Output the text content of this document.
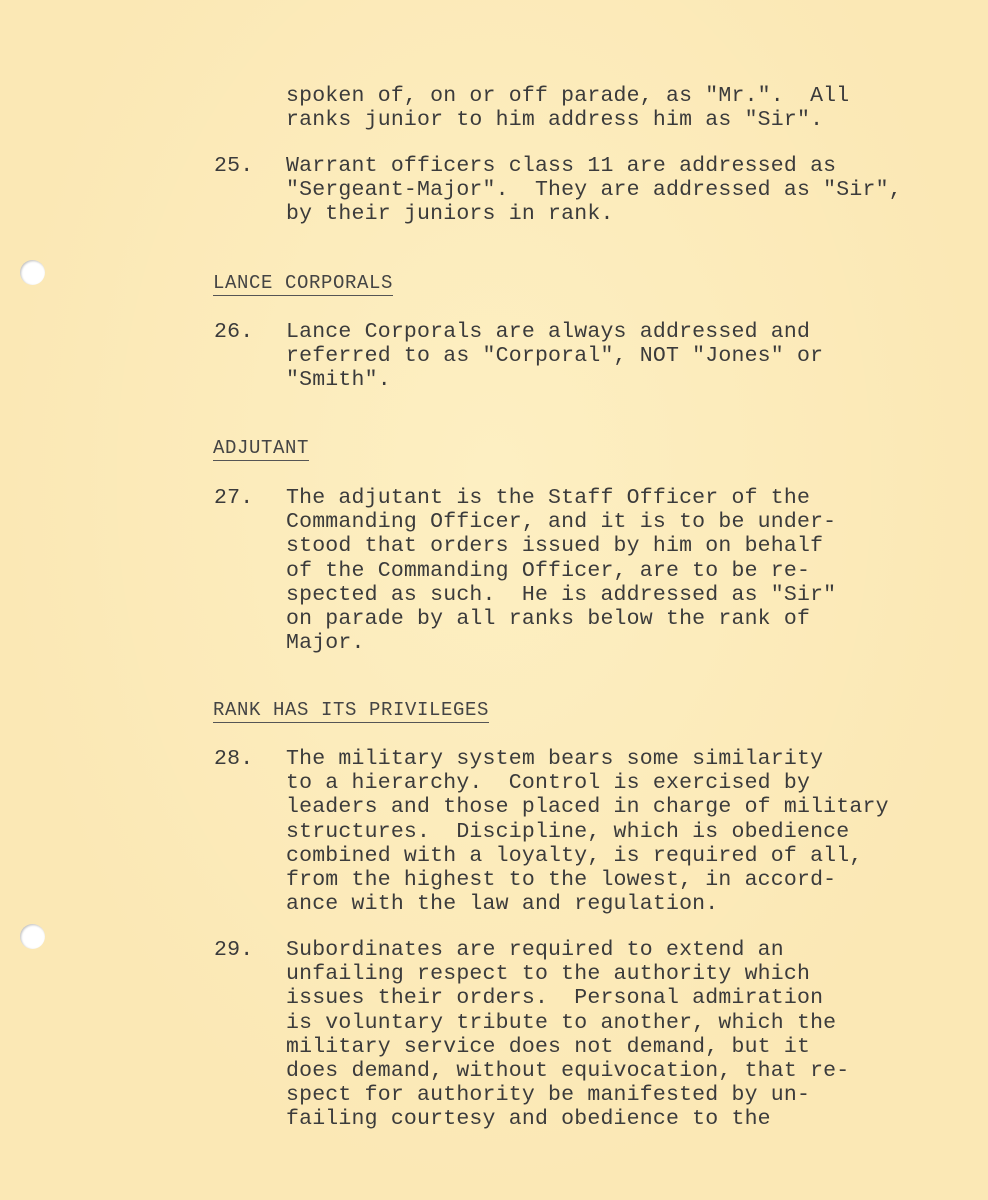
spoken of, on or off parade, as "Mr.".  All
ranks junior to him address him as "Sir".
25. Warrant officers class 11 are addressed as
"Sergeant-Major".  They are addressed as "Sir",
by their juniors in rank.
LANCE CORPORALS
26. Lance Corporals are always addressed and
referred to as "Corporal", NOT "Jones" or
"Smith".
ADJUTANT
27. The adjutant is the Staff Officer of the
Commanding Officer, and it is to be under-
stood that orders issued by him on behalf
of the Commanding Officer, are to be re-
spected as such.  He is addressed as "Sir"
on parade by all ranks below the rank of
Major.
RANK HAS ITS PRIVILEGES
28. The military system bears some similarity
to a hierarchy.  Control is exercised by
leaders and those placed in charge of military
structures.  Discipline, which is obedience
combined with a loyalty, is required of all,
from the highest to the lowest, in accord-
ance with the law and regulation.
29. Subordinates are required to extend an
unfailing respect to the authority which
issues their orders.  Personal admiration
is voluntary tribute to another, which the
military service does not demand, but it
does demand, without equivocation, that re-
spect for authority be manifested by un-
failing courtesy and obedience to the
